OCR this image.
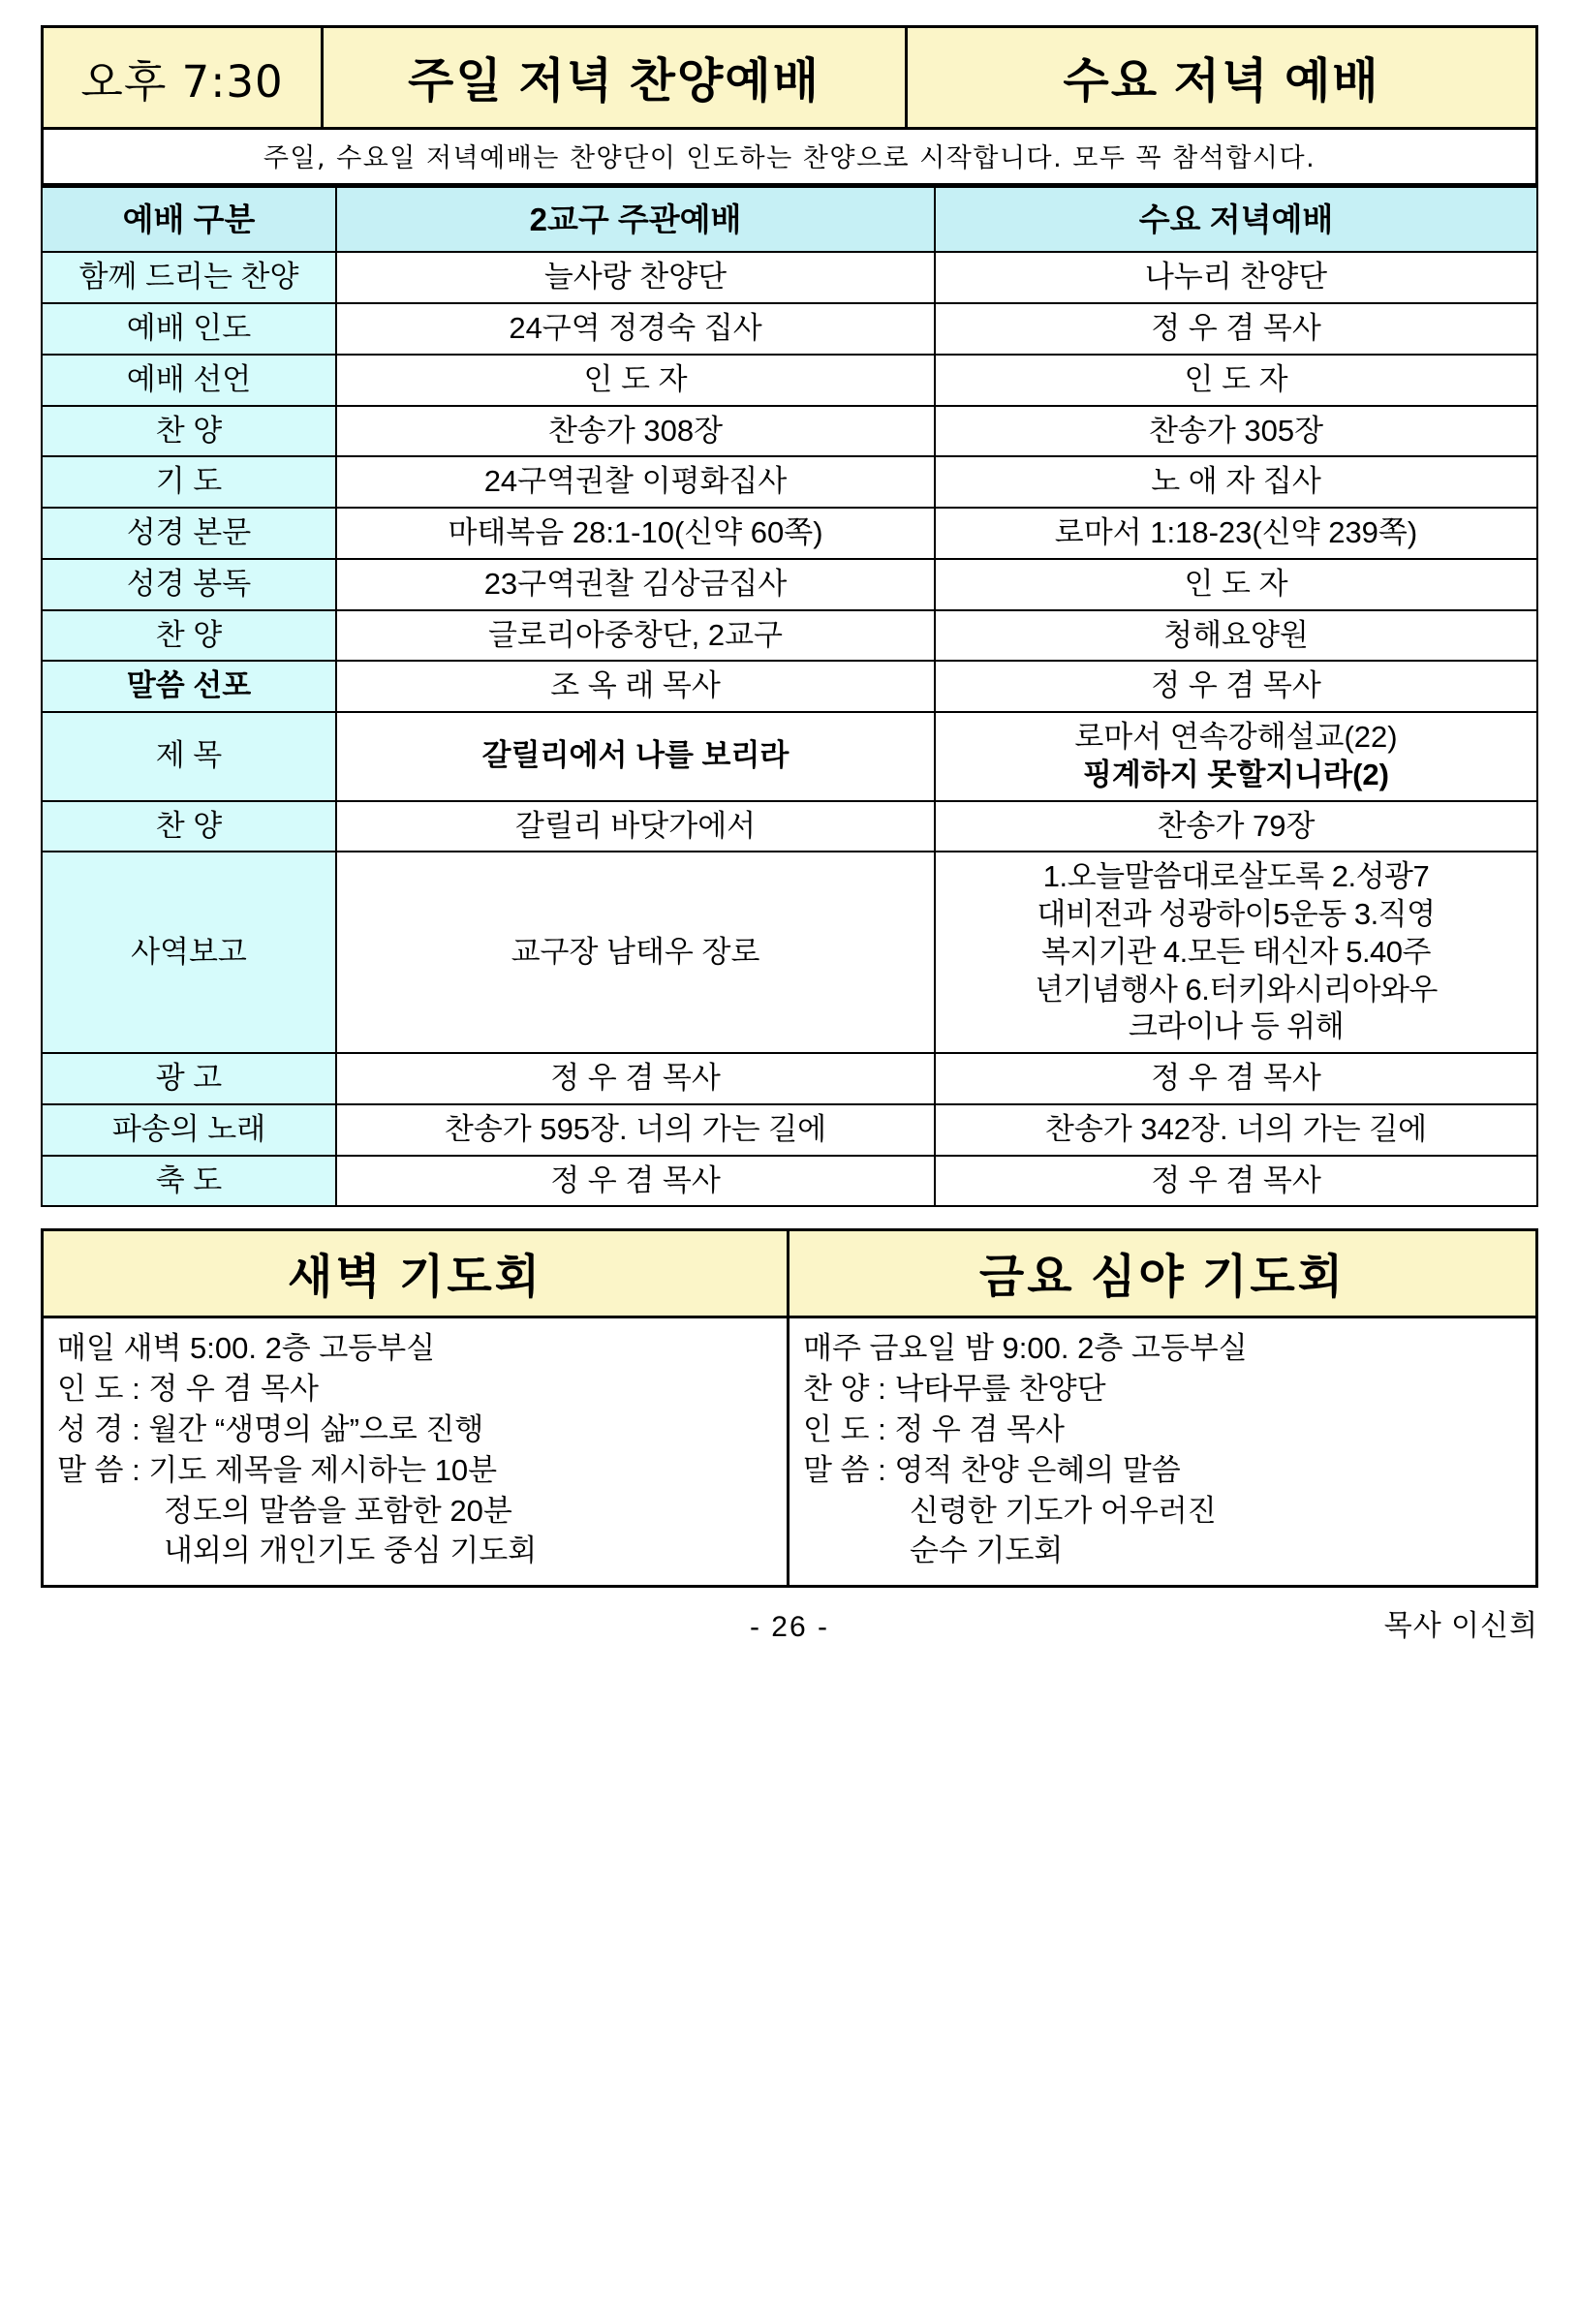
오후 7:30	주일 저녁 찬양예배	수요 저녁 예배
주일, 수요일 저녁예배는 찬양단이 인도하는 찬양으로 시작합니다. 모두 꼭 참석합시다.
예배 구분	2교구 주관예배	수요 저녁예배
함께 드리는 찬양	늘사랑 찬양단	나누리 찬양단
예배 인도	24구역 정경숙 집사	정 우 겸 목사
예배 선언	인 도 자	인 도 자
찬 양	찬송가 308장	찬송가 305장
기 도	24구역권찰 이평화집사	노 애 자 집사
성경 본문	마태복음 28:1-10(신약 60쪽)	로마서 1:18-23(신약 239쪽)
성경 봉독	23구역권찰 김상금집사	인 도 자
찬 양	글로리아중창단, 2교구	청해요양원
말씀 선포	조 옥 래 목사	정 우 겸 목사
제 목	갈릴리에서 나를 보리라	로마서 연속강해설교(22)
핑계하지 못할지니라(2)

찬 양	갈릴리 바닷가에서	찬송가 79장
사역보고	교구장 남태우 장로	1.오늘말씀대로살도록 2.성광7
대비전과 성광하이5운동 3.직영
복지기관 4.모든 태신자 5.40주
년기념행사 6.터키와시리아와우
크라이나 등 위해

광 고	정 우 겸 목사	정 우 겸 목사
파송의 노래	찬송가 595장. 너의 가는 길에	찬송가 342장. 너의 가는 길에
축 도	정 우 겸 목사	정 우 겸 목사
새벽 기도회
매일 새벽 5:00. 2층 고등부실
인 도 : 정 우 겸 목사
성 경 : 월간 “생명의 삶”으로 진행
말 씀 : 기도 제목을 제시하는 10분
정도의 말씀을 포함한 20분
내외의 개인기도 중심 기도회
금요 심야 기도회
매주 금요일 밤 9:00. 2층 고등부실
찬 양 : 낙타무릎 찬양단
인 도 : 정 우 겸 목사
말 씀 : 영적 찬양 은혜의 말씀
신령한 기도가 어우러진
순수 기도회
- 26 -	목사 이신희
